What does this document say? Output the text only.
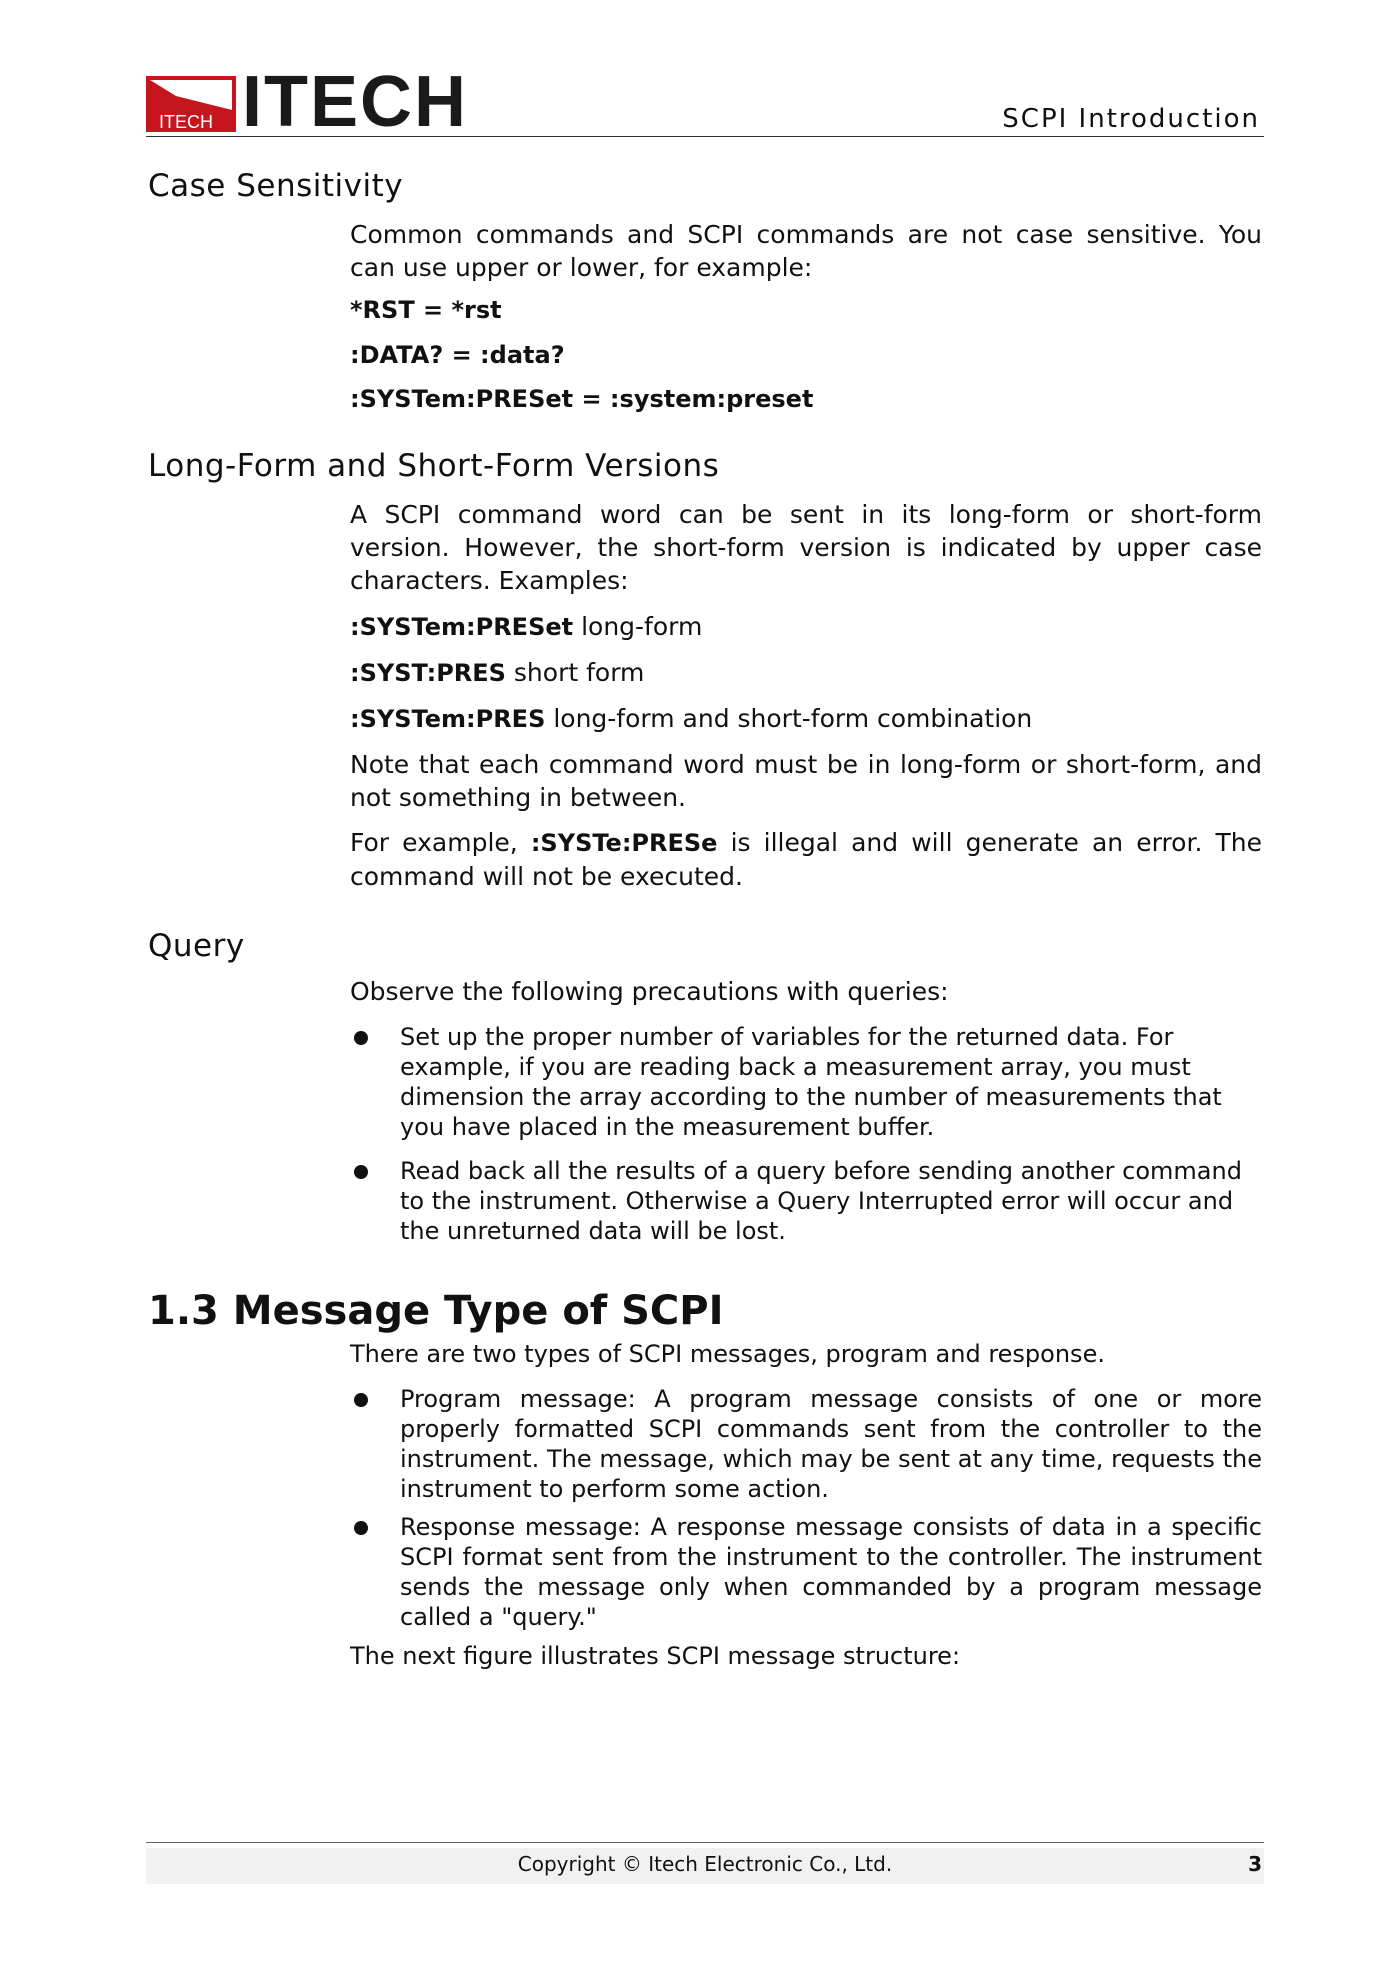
ITECH ITECH	SCPI Introduction
Case Sensitivity
Common commands and SCPI commands are not case sensitive. You can use upper or lower, for example:
*RST = *rst
:DATA? = :data?
:SYSTem:PRESet = :system:preset
Long-Form and Short-Form Versions
A SCPI command word can be sent in its long-form or short-form version. However, the short-form version is indicated by upper case characters. Examples:
:SYSTem:PRESet long-form
:SYST:PRES short form
:SYSTem:PRES long-form and short-form combination
Note that each command word must be in long-form or short-form, and not something in between.
For example, :SYSTe:PRESe is illegal and will generate an error. The command will not be executed.
Query
Observe the following precautions with queries:
Set up the proper number of variables for the returned data. For example, if you are reading back a measurement array, you must dimension the array according to the number of measurements that you have placed in the measurement buffer.
Read back all the results of a query before sending another command to the instrument. Otherwise a Query Interrupted error will occur and the unreturned data will be lost.
1.3 Message Type of SCPI
There are two types of SCPI messages, program and response.
Program message: A program message consists of one or more properly formatted SCPI commands sent from the controller to the instrument. The message, which may be sent at any time, requests the instrument to perform some action.
Response message: A response message consists of data in a specific SCPI format sent from the instrument to the controller. The instrument sends the message only when commanded by a program message called a "query."
The next figure illustrates SCPI message structure:
Copyright © Itech Electronic Co., Ltd.	3
